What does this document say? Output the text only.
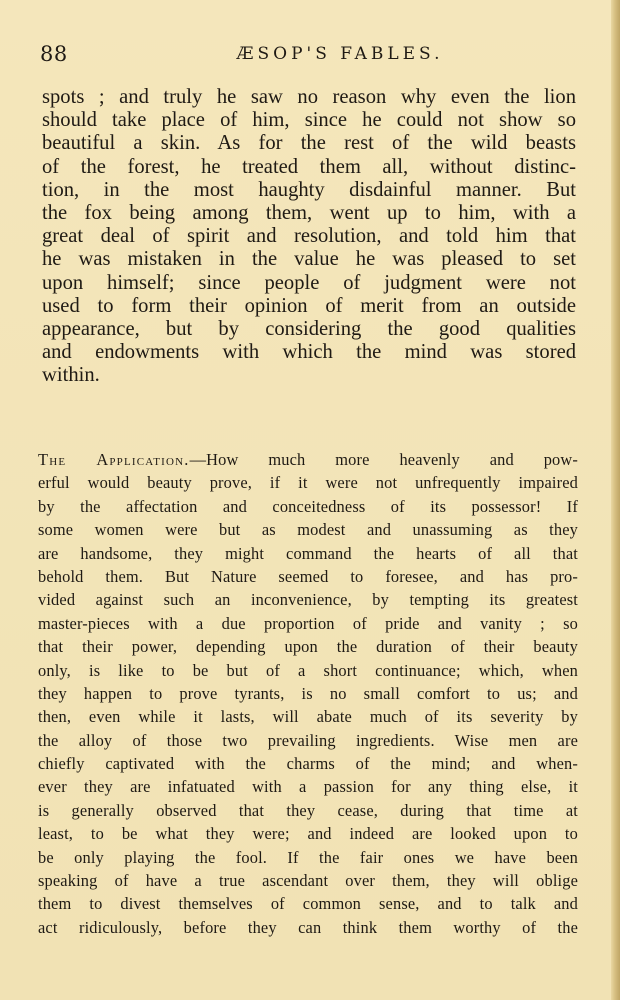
88	ÆSOP'S FABLES.
spots ; and truly he saw no reason why even the lion
should take place of him, since he could not show so
beautiful a skin. As for the rest of the wild beasts
of the forest, he treated them all, without distinc-
tion, in the most haughty disdainful manner. But
the fox being among them, went up to him, with a
great deal of spirit and resolution, and told him that
he was mistaken in the value he was pleased to set
upon himself; since people of judgment were not
used to form their opinion of merit from an outside
appearance, but by considering the good qualities
and endowments with which the mind was stored
within.
The Application.—How much more heavenly and pow-
erful would beauty prove, if it were not unfrequently impaired
by the affectation and conceitedness of its possessor! If
some women were but as modest and unassuming as they
are handsome, they might command the hearts of all that
behold them. But Nature seemed to foresee, and has pro-
vided against such an inconvenience, by tempting its greatest
master-pieces with a due proportion of pride and vanity ; so
that their power, depending upon the duration of their beauty
only, is like to be but of a short continuance; which, when
they happen to prove tyrants, is no small comfort to us; and
then, even while it lasts, will abate much of its severity by
the alloy of those two prevailing ingredients. Wise men are
chiefly captivated with the charms of the mind; and when-
ever they are infatuated with a passion for any thing else, it
is generally observed that they cease, during that time at
least, to be what they were; and indeed are looked upon to
be only playing the fool. If the fair ones we have been
speaking of have a true ascendant over them, they will oblige
them to divest themselves of common sense, and to talk and
act ridiculously, before they can think them worthy of the
